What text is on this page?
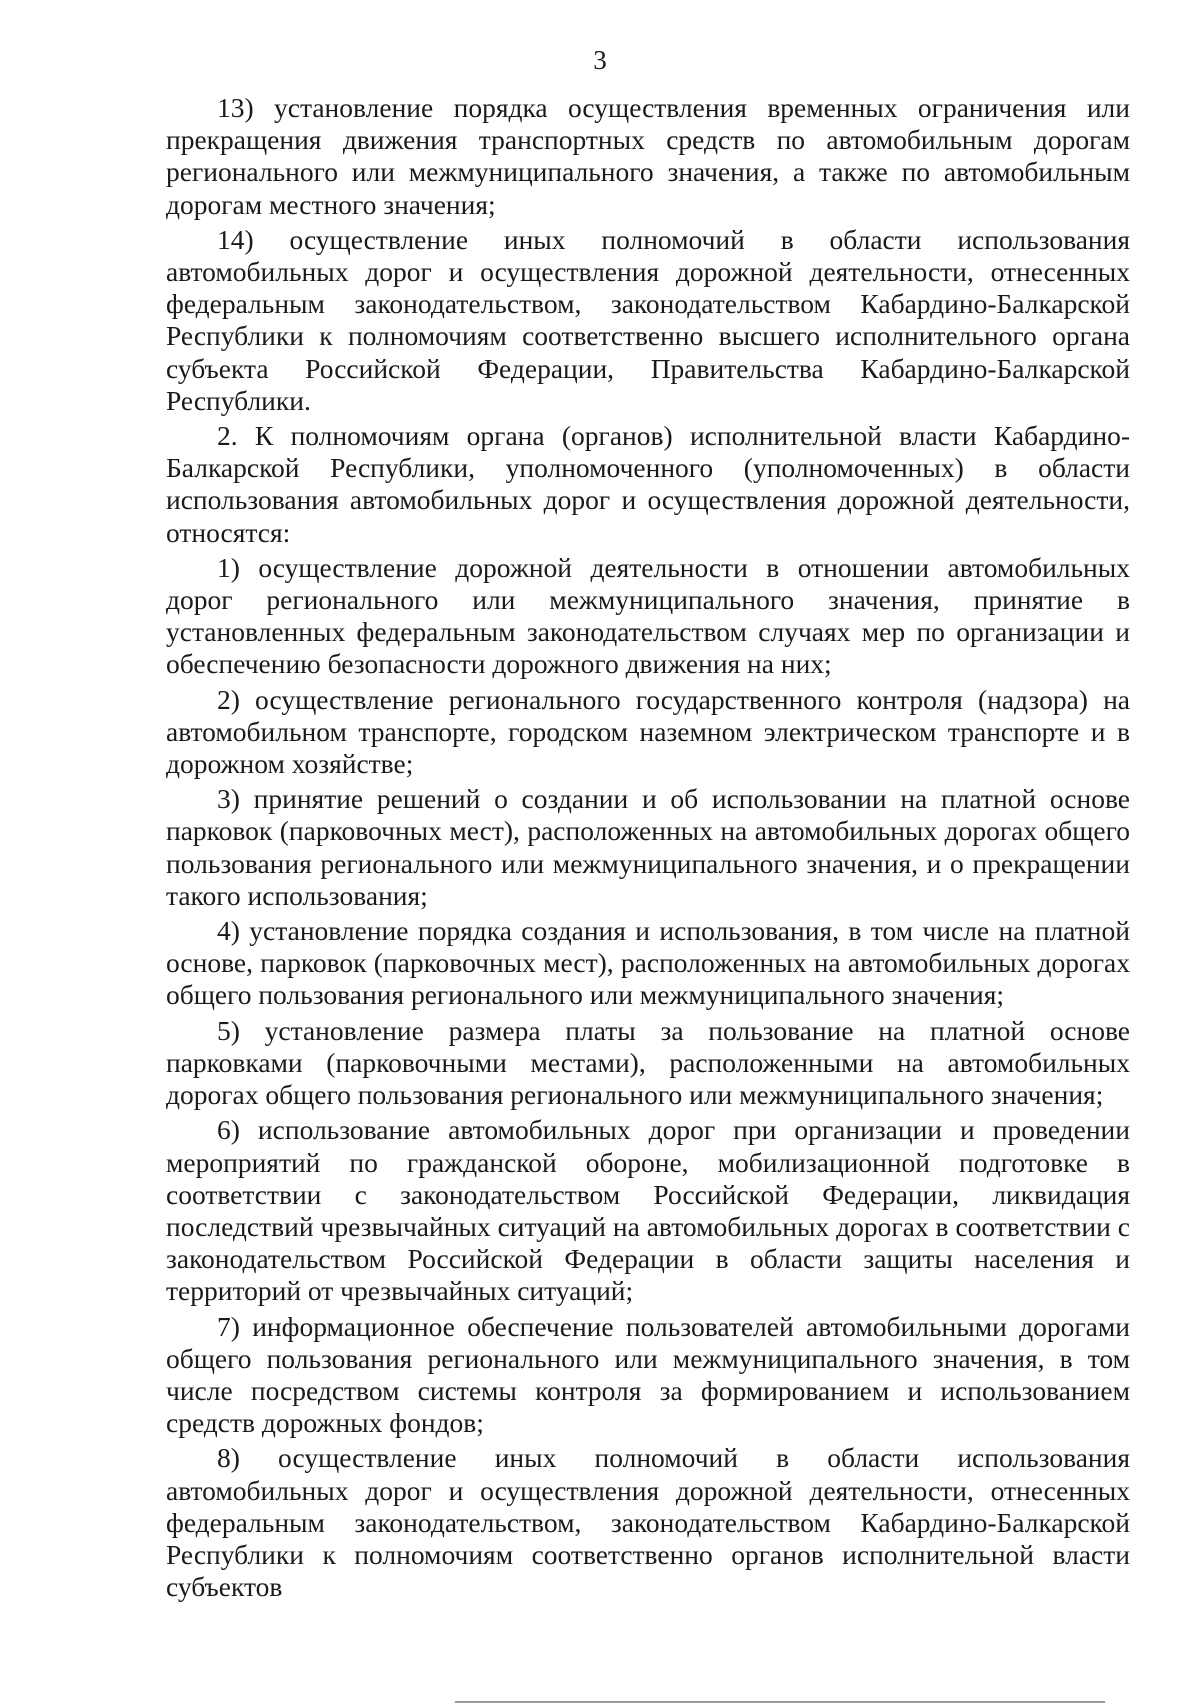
3

13) установление порядка осуществления временных ограничения или прекращения движения транспортных средств по автомобильным дорогам регионального или межмуниципального значения, а также по автомобильным дорогам местного значения;

14) осуществление иных полномочий в области использования автомобильных дорог и осуществления дорожной деятельности, отнесенных федеральным законодательством, законодательством Кабардино-Балкарской Республики к полномочиям соответственно высшего исполнительного органа субъекта Российской Федерации, Правительства Кабардино-Балкарской Республики.

2. К полномочиям органа (органов) исполнительной власти Кабардино-Балкарской Республики, уполномоченного (уполномоченных) в области использования автомобильных дорог и осуществления дорожной деятельности, относятся:

1) осуществление дорожной деятельности в отношении автомобильных дорог регионального или межмуниципального значения, принятие в установленных федеральным законодательством случаях мер по организации и обеспечению безопасности дорожного движения на них;

2) осуществление регионального государственного контроля (надзора) на автомобильном транспорте, городском наземном электрическом транспорте и в дорожном хозяйстве;

3) принятие решений о создании и об использовании на платной основе парковок (парковочных мест), расположенных на автомобильных дорогах общего пользования регионального или межмуниципального значения, и о прекращении такого использования;

4) установление порядка создания и использования, в том числе на платной основе, парковок (парковочных мест), расположенных на автомобильных дорогах общего пользования регионального или межмуниципального значения;

5) установление размера платы за пользование на платной основе парковками (парковочными местами), расположенными на автомобильных дорогах общего пользования регионального или межмуниципального значения;

6) использование автомобильных дорог при организации и проведении мероприятий по гражданской обороне, мобилизационной подготовке в соответствии с законодательством Российской Федерации, ликвидация последствий чрезвычайных ситуаций на автомобильных дорогах в соответствии с законодательством Российской Федерации в области защиты населения и территорий от чрезвычайных ситуаций;

7) информационное обеспечение пользователей автомобильными дорогами общего пользования регионального или межмуниципального значения, в том числе посредством системы контроля за формированием и использованием средств дорожных фондов;

8) осуществление иных полномочий в области использования автомобильных дорог и осуществления дорожной деятельности, отнесенных федеральным законодательством, законодательством Кабардино-Балкарской Республики к полномочиям соответственно органов исполнительной власти субъектов
